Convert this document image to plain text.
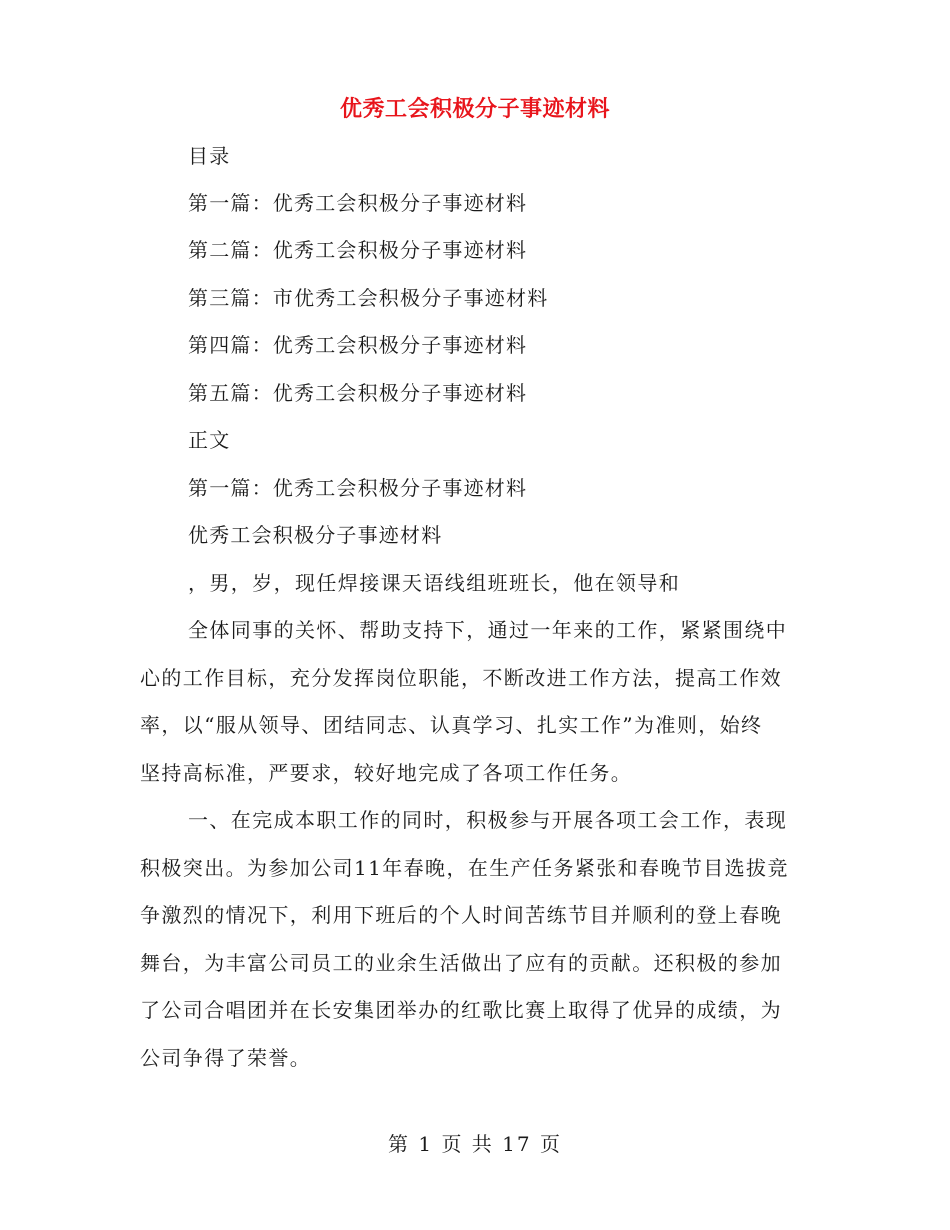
优秀工会积极分子事迹材料
目录
第一篇：优秀工会积极分子事迹材料
第二篇：优秀工会积极分子事迹材料
第三篇：市优秀工会积极分子事迹材料
第四篇：优秀工会积极分子事迹材料
第五篇：优秀工会积极分子事迹材料
正文
第一篇：优秀工会积极分子事迹材料
优秀工会积极分子事迹材料
，男，岁，现任焊接课天语线组班班长，他在领导和
全体同事的关怀、帮助支持下，通过一年来的工作，紧紧围绕中
心的工作目标，充分发挥岗位职能，不断改进工作方法，提高工作效
率，以“服从领导、团结同志、认真学习、扎实工作”为准则，始终
坚持高标准，严要求，较好地完成了各项工作任务。
一、在完成本职工作的同时，积极参与开展各项工会工作，表现
积极突出。为参加公司11年春晚，在生产任务紧张和春晚节目选拔竞
争激烈的情况下，利用下班后的个人时间苦练节目并顺利的登上春晚
舞台，为丰富公司员工的业余生活做出了应有的贡献。还积极的参加
了公司合唱团并在长安集团举办的红歌比赛上取得了优异的成绩，为
公司争得了荣誉。
第 1 页 共 17 页
